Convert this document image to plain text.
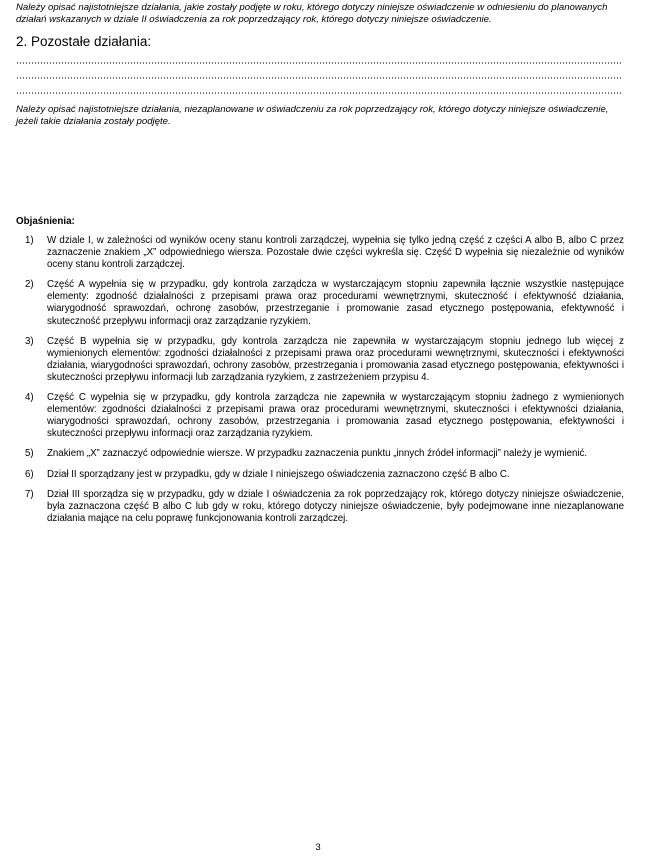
Należy opisać najistotniejsze działania, jakie zostały podjęte w roku, którego dotyczy niniejsze oświadczenie w odniesieniu do planowanych działań wskazanych w dziale II oświadczenia za rok poprzedzający rok, którego dotyczy niniejsze oświadczenie.

2. Pozostałe działania:

Należy opisać najistotniejsze działania, niezaplanowane w oświadczeniu za rok poprzedzający rok, którego dotyczy niniejsze oświadczenie, jeżeli takie działania zostały podjęte.

Objaśnienia:

1) W dziale I, w zależności od wyników oceny stanu kontroli zarządczej, wypełnia się tylko jedną część z części A albo B, albo C przez zaznaczenie znakiem „X” odpowiedniego wiersza. Pozostałe dwie części wykreśla się. Część D wypełnia się niezależnie od wyników oceny stanu kontroli zarządczej.
2) Część A wypełnia się w przypadku, gdy kontrola zarządcza w wystarczającym stopniu zapewniła łącznie wszystkie następujące elementy: zgodność działalności z przepisami prawa oraz procedurami wewnętrznymi, skuteczność i efektywność działania, wiarygodność sprawozdań, ochronę zasobów, przestrzeganie i promowanie zasad etycznego postępowania, efektywność i skuteczność przepływu informacji oraz zarządzanie ryzykiem.
3) Część B wypełnia się w przypadku, gdy kontrola zarządcza nie zapewniła w wystarczającym stopniu jednego lub więcej z wymienionych elementów: zgodności działalności z przepisami prawa oraz procedurami wewnętrznymi, skuteczności i efektywności działania, wiarygodności sprawozdań, ochrony zasobów, przestrzegania i promowania zasad etycznego postępowania, efektywności i skuteczności przepływu informacji lub zarządzania ryzykiem, z zastrzeżeniem przypisu 4.
4) Część C wypełnia się w przypadku, gdy kontrola zarządcza nie zapewniła w wystarczającym stopniu żadnego z wymienionych elementów: zgodności działalności z przepisami prawa oraz procedurami wewnętrznymi, skuteczności i efektywności działania, wiarygodności sprawozdań, ochrony zasobów, przestrzegania i promowania zasad etycznego postępowania, efektywności i skuteczności przepływu informacji oraz zarządzania ryzykiem.
5) Znakiem „X” zaznaczyć odpowiednie wiersze. W przypadku zaznaczenia punktu „innych źródeł informacji” należy je wymienić.
6) Dział II sporządzany jest w przypadku, gdy w dziale I niniejszego oświadczenia zaznaczono część B albo C.
7) Dział III sporządza się w przypadku, gdy w dziale I oświadczenia za rok poprzedzający rok, którego dotyczy niniejsze oświadczenie, była zaznaczona część B albo C lub gdy w roku, którego dotyczy niniejsze oświadczenie, były podejmowane inne niezaplanowane działania mające na celu poprawę funkcjonowania kontroli zarządczej.
3
